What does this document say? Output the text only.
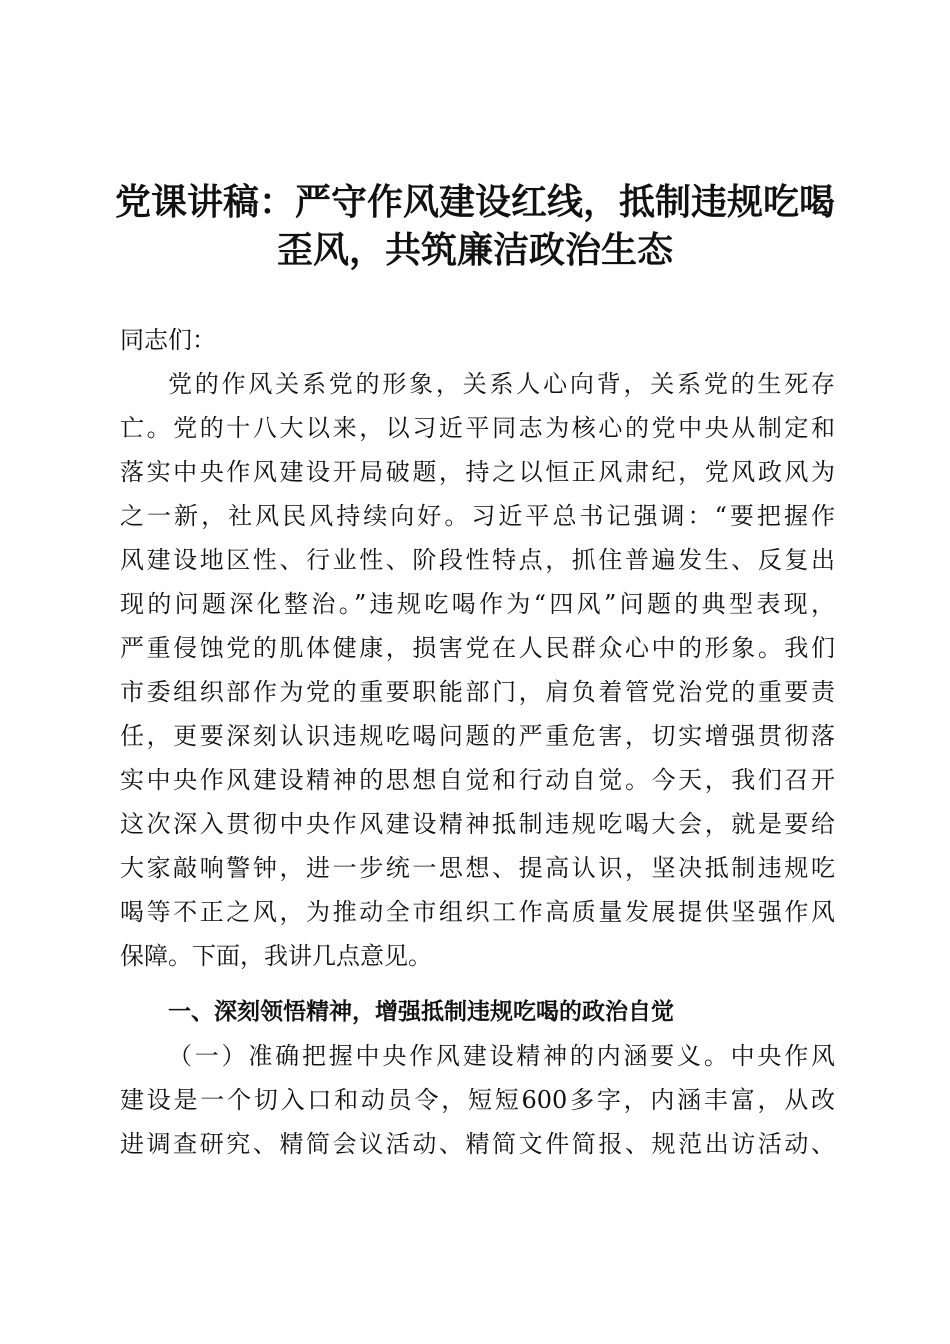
党课讲稿：严守作风建设红线，抵制违规吃喝
歪风，共筑廉洁政治生态
同志们：
党的作风关系党的形象，关系人心向背，关系党的生死存
亡。党的十八大以来，以习近平同志为核心的党中央从制定和
落实中央作风建设开局破题，持之以恒正风肃纪，党风政风为
之一新，社风民风持续向好。习近平总书记强调：“要把握作
风建设地区性、行业性、阶段性特点，抓住普遍发生、反复出
现的问题深化整治。”违规吃喝作为“四风”问题的典型表现，
严重侵蚀党的肌体健康，损害党在人民群众心中的形象。我们
市委组织部作为党的重要职能部门，肩负着管党治党的重要责
任，更要深刻认识违规吃喝问题的严重危害，切实增强贯彻落
实中央作风建设精神的思想自觉和行动自觉。今天，我们召开
这次深入贯彻中央作风建设精神抵制违规吃喝大会，就是要给
大家敲响警钟，进一步统一思想、提高认识，坚决抵制违规吃
喝等不正之风，为推动全市组织工作高质量发展提供坚强作风
保障。下面，我讲几点意见。
一、深刻领悟精神，增强抵制违规吃喝的政治自觉
（一）准确把握中央作风建设精神的内涵要义。中央作风
建设是一个切入口和动员令，短短600多字，内涵丰富，从改
进调查研究、精简会议活动、精简文件简报、规范出访活动、
